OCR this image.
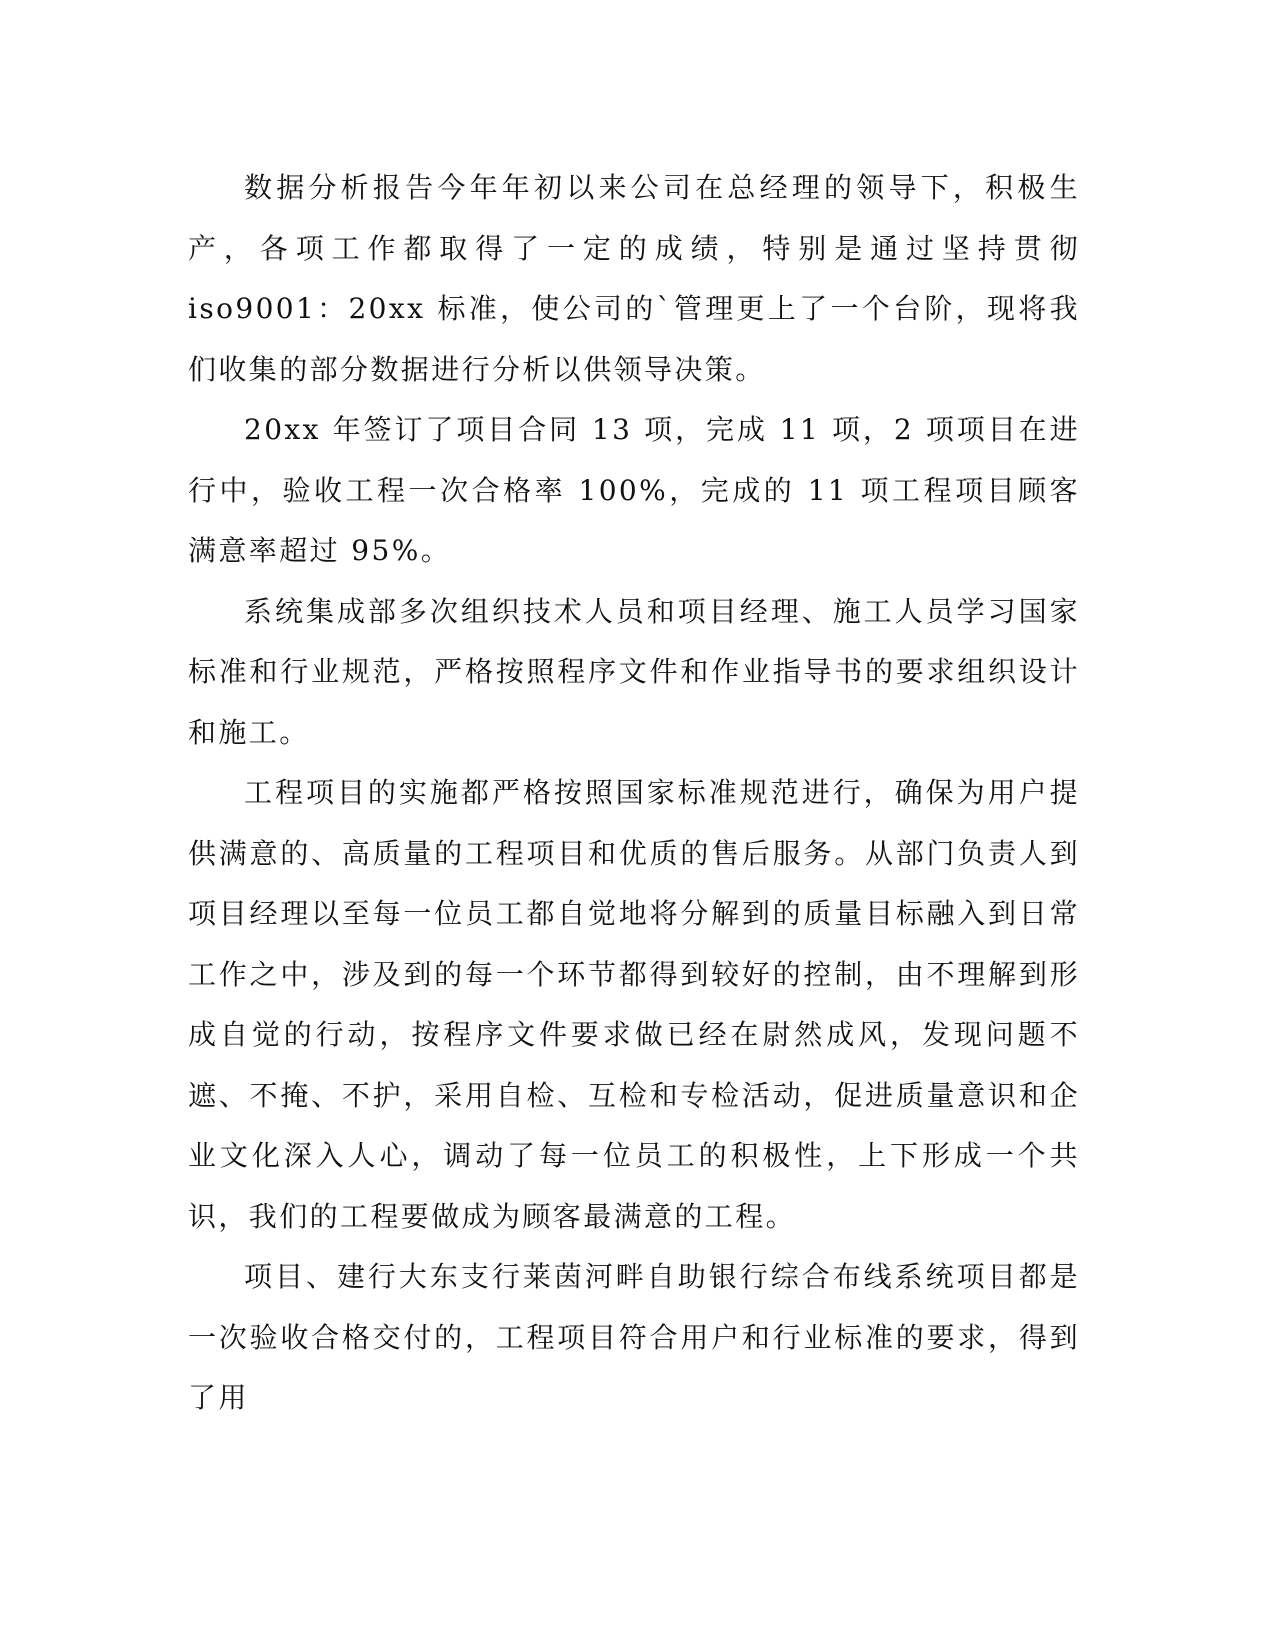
数据分析报告今年年初以来公司在总经理的领导下，积极生产，各项工作都取得了一定的成绩，特别是通过坚持贯彻 iso9001：20xx 标准，使公司的`管理更上了一个台阶，现将我们收集的部分数据进行分析以供领导决策。

20xx 年签订了项目合同 13 项，完成 11 项，2 项项目在进行中，验收工程一次合格率 100%，完成的 11 项工程项目顾客满意率超过 95%。

系统集成部多次组织技术人员和项目经理、施工人员学习国家标准和行业规范，严格按照程序文件和作业指导书的要求组织设计和施工。

工程项目的实施都严格按照国家标准规范进行，确保为用户提供满意的、高质量的工程项目和优质的售后服务。从部门负责人到项目经理以至每一位员工都自觉地将分解到的质量目标融入到日常工作之中，涉及到的每一个环节都得到较好的控制，由不理解到形成自觉的行动，按程序文件要求做已经在尉然成风，发现问题不遮、不掩、不护，采用自检、互检和专检活动，促进质量意识和企业文化深入人心，调动了每一位员工的积极性，上下形成一个共识，我们的工程要做成为顾客最满意的工程。

项目、建行大东支行莱茵河畔自助银行综合布线系统项目都是一次验收合格交付的，工程项目符合用户和行业标准的要求，得到了用
